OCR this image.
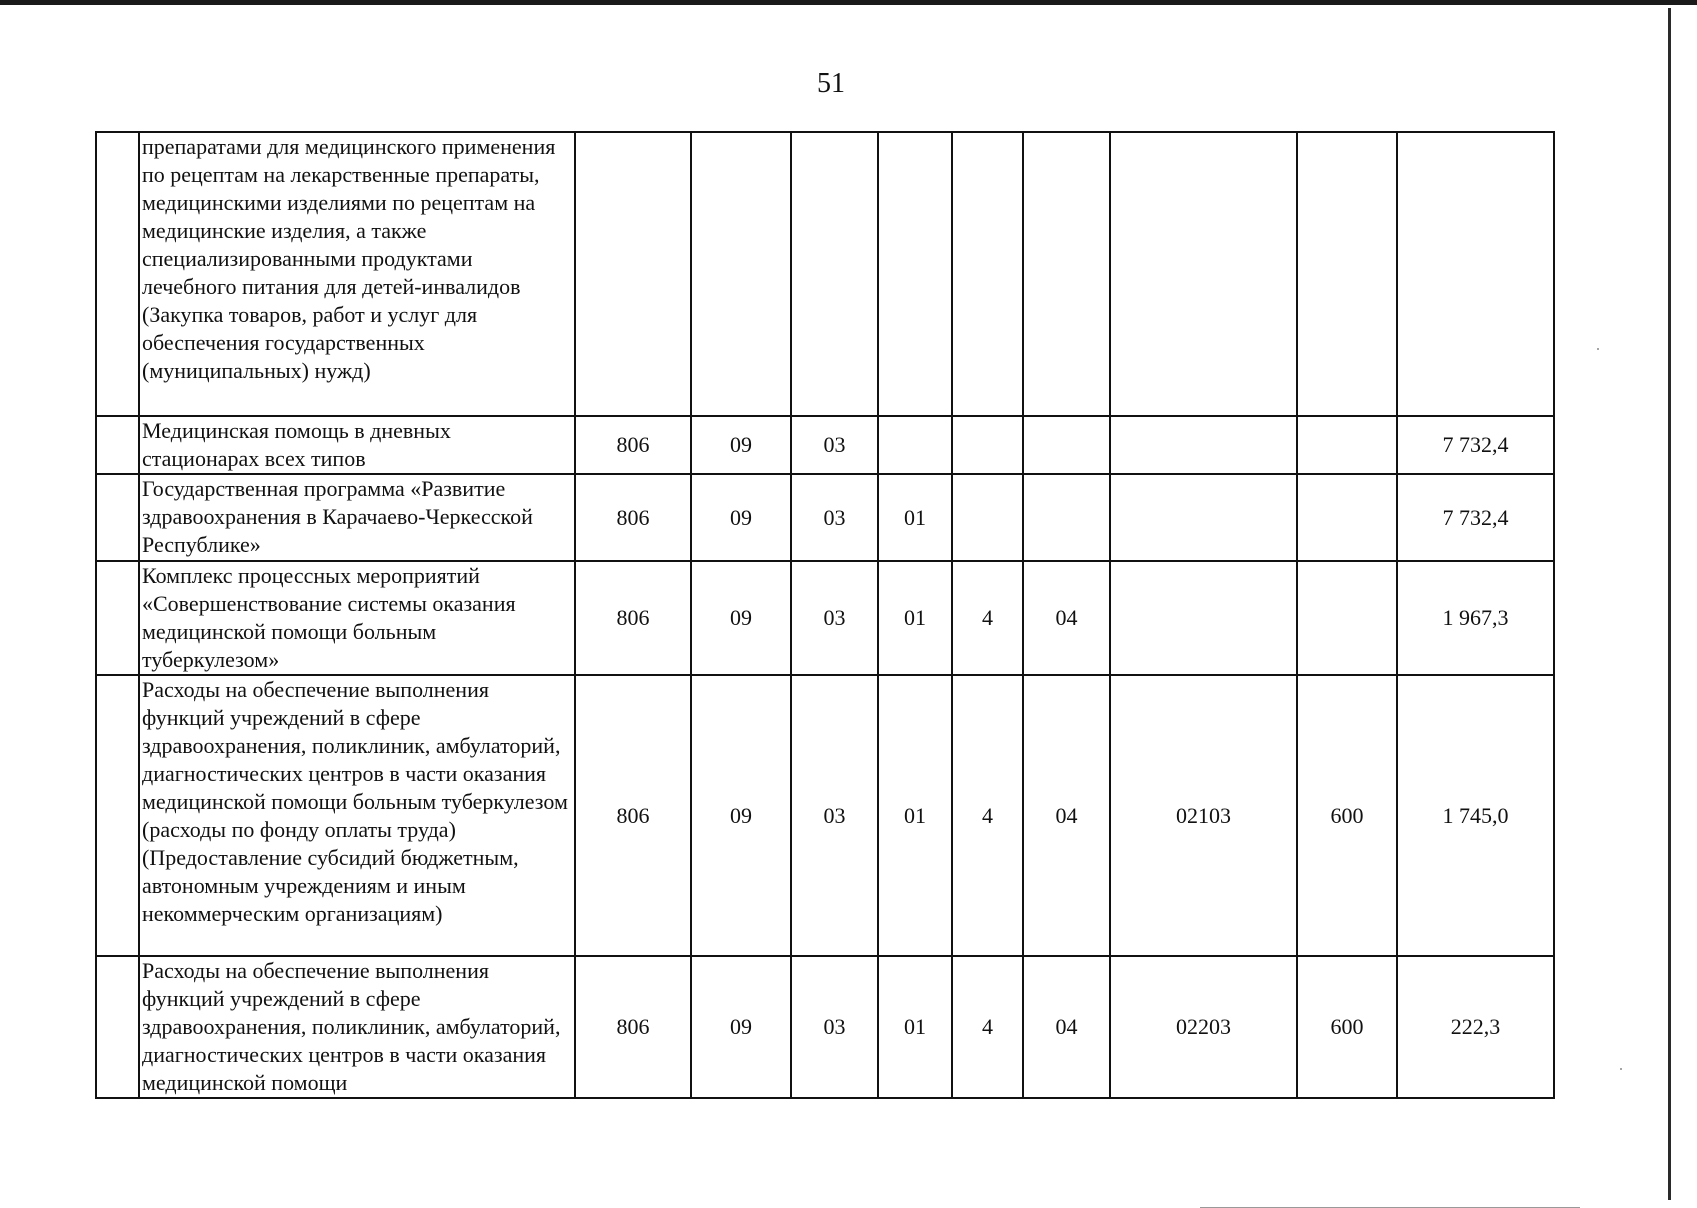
51
	препаратами для медицинского применения по рецептам на лекарственные препараты, медицинскими изделиями по рецептам на медицинские изделия, а также специализированными продуктами лечебного питания для детей-инвалидов (Закупка товаров, работ и услуг для обеспечения государственных (муниципальных) нужд)									
	Медицинская помощь в дневных стационарах всех типов	806	09	03						7 732,4
	Государственная программа «Развитие здравоохранения в Карачаево-Черкесской Республике»	806	09	03	01					7 732,4
	Комплекс процессных мероприятий «Совершенствование системы оказания медицинской помощи больным туберкулезом»	806	09	03	01	4	04			1 967,3
	Расходы на обеспечение выполнения функций учреждений в сфере здравоохранения, поликлиник, амбулаторий, диагностических центров в части оказания медицинской помощи больным туберкулезом (расходы по фонду оплаты труда) (Предоставление субсидий бюджетным, автономным учреждениям и иным некоммерческим организациям)	806	09	03	01	4	04	02103	600	1 745,0
	Расходы на обеспечение выполнения функций учреждений в сфере здравоохранения, поликлиник, амбулаторий, диагностических центров в части оказания медицинской помощи	806	09	03	01	4	04	02203	600	222,3
